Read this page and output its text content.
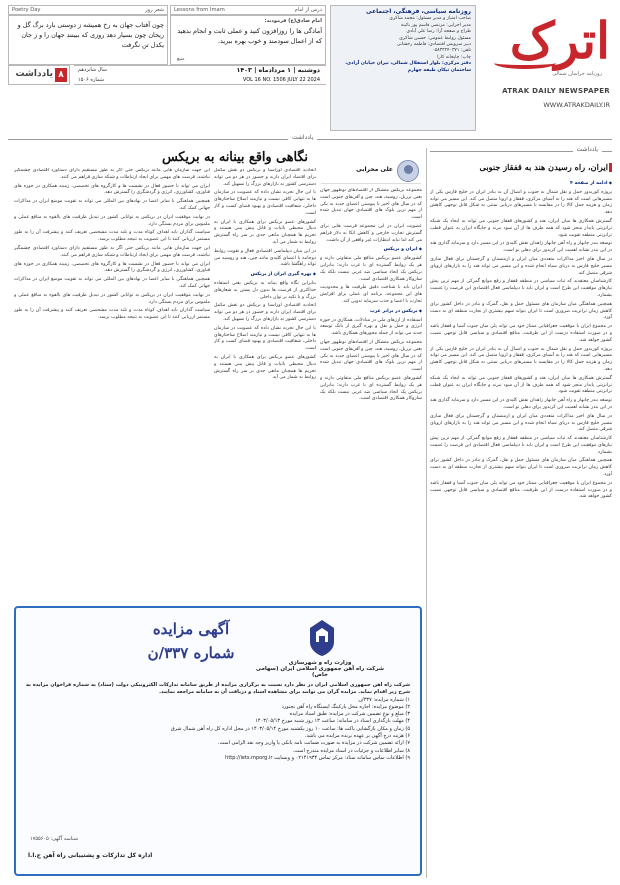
اترک
روزنامه خراسان شمالی
ATRAK DAILY NEWSPAPER
WWW.ATRAKDAILY.IR
روزنامه سیاسی، فرهنگی، اجتماعی
صاحب امتیاز و مدیر مسئول: محمد شاکری
مدیر اجرایی: مرتضی قاسم پور بائینه
طراح و صفحه آرا: رضا علی آبادی
مسئول روابط عمومی: حسین شاکری
دبیر سرویس اقتصادی: فاطمه رخشانی
تلفن: ۰۵۸۳۲۲۴۰۳۷۱
چاپ: چاپخانه کارا
دفتر مرکزی: بلوار استقلال شمالی، تیران خیابان آزادی، ساختمان تیکان طبقه چهارم
Lessons from Imam	درس از امام
امام صادق(ع) فرمودند:
آمادگی ها را روزافزون کنید و عملی ثابت و انجام بدهید که از اعمال سودمند و خوب بهره ببرید.
منبع
Poetry Day	شعر روز
چون آفتاب جهان به رخ همیشه ز دوستی بارد برگ گل و ریحان چون بسیار دهد روزی که ببینند جهان را و ز جان یکدل تن نگرفت
دوشنبه | ۱ مردادماه | ۱۴۰۳
VOL 16 NO. 1506 JULY 22 2024
سال شانزدهم
شماره ۱۵۰۶
یادداشت ۸
یادداشت
یادداشت
ایران، راه رسیدن هند به قفقاز جنوبی

◆ ادامه از صفحه ۴

پروژه کوریدور حمل و نقل شمال به جنوب و اتصال آن به بنادر ایران در خلیج فارس یکی از مسیرهایی است که هند را به آسیای مرکزی، قفقاز و اروپا متصل می کند. این مسیر می تواند زمان و هزینه حمل کالا را در مقایسه با مسیرهای دریایی سنتی به شکل قابل توجهی کاهش دهد.

گسترش همکاری ها میان ایران، هند و کشورهای قفقاز جنوبی می تواند به ایجاد یک شبکه ترانزیتی پایدار منجر شود که همه طرف ها از آن سود ببرند و جایگاه ایران به عنوان قطب ترانزیتی منطقه تقویت شود.

توسعه بندر چابهار و راه آهن چابهار زاهدان نقش کلیدی در این مسیر دارد و سرمایه گذاری هند در این بندر نشانه اهمیت این کریدور برای دهلی نو است.

در سال های اخیر مذاکرات متعددی میان ایران و ارمنستان و گرجستان برای فعال سازی مسیر خلیج فارس به دریای سیاه انجام شده و این مسیر می تواند هند را به بازارهای اروپای شرقی متصل کند.

کارشناسان معتقدند که ثبات سیاسی در منطقه قفقاز و رفع موانع گمرکی از مهم ترین پیش نیازهای موفقیت این طرح است و ایران باید با دیپلماسی فعال اقتصادی این فرصت را غنیمت بشمارد.

همچنین هماهنگی میان سازمان های مسئول حمل و نقل، گمرک و بنادر در داخل کشور برای کاهش زمان ترانزیت ضروری است تا ایران بتواند سهم بیشتری از تجارت منطقه ای به دست آورد.

در مجموع ایران با موقعیت جغرافیایی ممتاز خود می تواند پلی میان جنوب آسیا و قفقاز باشد و در صورت استفاده درست از این ظرفیت، منافع اقتصادی و سیاسی قابل توجهی نصیب کشور خواهد شد.

پروژه کوریدور حمل و نقل شمال به جنوب و اتصال آن به بنادر ایران در خلیج فارس یکی از مسیرهایی است که هند را به آسیای مرکزی، قفقاز و اروپا متصل می کند. این مسیر می تواند زمان و هزینه حمل کالا را در مقایسه با مسیرهای دریایی سنتی به شکل قابل توجهی کاهش دهد.

گسترش همکاری ها میان ایران، هند و کشورهای قفقاز جنوبی می تواند به ایجاد یک شبکه ترانزیتی پایدار منجر شود که همه طرف ها از آن سود ببرند و جایگاه ایران به عنوان قطب ترانزیتی منطقه تقویت شود.

توسعه بندر چابهار و راه آهن چابهار زاهدان نقش کلیدی در این مسیر دارد و سرمایه گذاری هند در این بندر نشانه اهمیت این کریدور برای دهلی نو است.

در سال های اخیر مذاکرات متعددی میان ایران و ارمنستان و گرجستان برای فعال سازی مسیر خلیج فارس به دریای سیاه انجام شده و این مسیر می تواند هند را به بازارهای اروپای شرقی متصل کند.

کارشناسان معتقدند که ثبات سیاسی در منطقه قفقاز و رفع موانع گمرکی از مهم ترین پیش نیازهای موفقیت این طرح است و ایران باید با دیپلماسی فعال اقتصادی این فرصت را غنیمت بشمارد.

همچنین هماهنگی میان سازمان های مسئول حمل و نقل، گمرک و بنادر در داخل کشور برای کاهش زمان ترانزیت ضروری است تا ایران بتواند سهم بیشتری از تجارت منطقه ای به دست آورد.

در مجموع ایران با موقعیت جغرافیایی ممتاز خود می تواند پلی میان جنوب آسیا و قفقاز باشد و در صورت استفاده درست از این ظرفیت، منافع اقتصادی و سیاسی قابل توجهی نصیب کشور خواهد شد.

علی محرابی
نگاهی واقع بینانه به بریکس

مجموعه بریکس متشکل از اقتصادهای نوظهور جهان یعنی برزیل، روسیه، هند، چین و آفریقای جنوبی است که در سال های اخیر با پیوستن اعضای جدید به یکی از مهم ترین بلوک های اقتصادی جهان تبدیل شده است.

عضویت ایران در این مجموعه فرصت هایی برای گسترش تجارت خارجی و کاهش اتکا به دلار فراهم می کند اما نباید انتظارات غیر واقعی از آن داشت.

◆ ایران و بریکس

کشورهای عضو بریکس منافع ملی متفاوتی دارند و هر یک روابط گسترده ای با غرب دارند؛ بنابراین بریکس یک اتحاد سیاسی ضد غربی نیست بلکه یک سازوکار همکاری اقتصادی است.

ایران باید با شناخت دقیق ظرفیت ها و محدودیت های این مجموعه، برنامه ای عملی برای افزایش تجارت با اعضا و جذب سرمایه تدوین کند.

◆ بریکس در برابر غرب

استفاده از ارزهای ملی در مبادلات، همکاری در حوزه انرژی و حمل و نقل و بهره گیری از بانک توسعه جدید می تواند از جمله محورهای همکاری باشد.

مجموعه بریکس متشکل از اقتصادهای نوظهور جهان یعنی برزیل، روسیه، هند، چین و آفریقای جنوبی است که در سال های اخیر با پیوستن اعضای جدید به یکی از مهم ترین بلوک های اقتصادی جهان تبدیل شده است.

کشورهای عضو بریکس منافع ملی متفاوتی دارند و هر یک روابط گسترده ای با غرب دارند؛ بنابراین بریکس یک اتحاد سیاسی ضد غربی نیست بلکه یک سازوکار همکاری اقتصادی است.

اتحادیه اقتصادی اوراسیا و بریکس دو نقش مکمل برای اقتصاد ایران دارند و حضور در هر دو می تواند دسترسی کشور به بازارهای بزرگ را تسهیل کند.

با این حال تجربه نشان داده که عضویت در سازمان ها به تنهایی کافی نیست و نیازمند اصلاح ساختارهای داخلی، شفافیت اقتصادی و بهبود فضای کسب و کار است.

کشورهای عضو بریکس برای همکاری با ایران به دنبال محیطی باثبات و قابل پیش بینی هستند و تحریم ها همچنان مانعی جدی بر سر راه گسترش روابط به شمار می آید.

در این میان دیپلماسی اقتصادی فعال و تقویت روابط دوجانبه با اعضای کلیدی مانند چین، هند و روسیه می تواند راهگشا باشد.

◆ بهره گیری ایران از بریکس

بنابراین نگاه واقع بینانه به بریکس یعنی استفاده حداکثری از فرصت ها بدون دل بستن به شعارهای بزرگ و با تکیه بر توان داخلی.

اتحادیه اقتصادی اوراسیا و بریکس دو نقش مکمل برای اقتصاد ایران دارند و حضور در هر دو می تواند دسترسی کشور به بازارهای بزرگ را تسهیل کند.

با این حال تجربه نشان داده که عضویت در سازمان ها به تنهایی کافی نیست و نیازمند اصلاح ساختارهای داخلی، شفافیت اقتصادی و بهبود فضای کسب و کار است.

کشورهای عضو بریکس برای همکاری با ایران به دنبال محیطی باثبات و قابل پیش بینی هستند و تحریم ها همچنان مانعی جدی بر سر راه گسترش روابط به شمار می آید.

این جهت سازمان هایی مانند بریکس حتی اگر به طور مستقیم دارای دستاورد اقتصادی چشمگیر نباشند، فرصت های مهمی برای ایجاد ارتباطات و شبکه سازی فراهم می کنند.

ایران می تواند با حضور فعال در نشست ها و کارگروه های تخصصی، زمینه همکاری در حوزه های فناوری، کشاورزی، انرژی و گردشگری را گسترش دهد.

همچنین هماهنگی با سایر اعضا در نهادهای بین المللی می تواند به تقویت موضع ایران در مذاکرات جهانی کمک کند.

در نهایت موفقیت ایران در بریکس به توانایی کشور در تبدیل ظرفیت های بالقوه به منافع عملی و ملموس برای مردم بستگی دارد.

سیاست گذاران باید اهداف کوتاه مدت و بلند مدت مشخصی تعریف کنند و پیشرفت آن را به طور مستمر ارزیابی کنند تا این عضویت به نتیجه مطلوب برسد.

این جهت سازمان هایی مانند بریکس حتی اگر به طور مستقیم دارای دستاورد اقتصادی چشمگیر نباشند، فرصت های مهمی برای ایجاد ارتباطات و شبکه سازی فراهم می کنند.

ایران می تواند با حضور فعال در نشست ها و کارگروه های تخصصی، زمینه همکاری در حوزه های فناوری، کشاورزی، انرژی و گردشگری را گسترش دهد.

همچنین هماهنگی با سایر اعضا در نهادهای بین المللی می تواند به تقویت موضع ایران در مذاکرات جهانی کمک کند.

در نهایت موفقیت ایران در بریکس به توانایی کشور در تبدیل ظرفیت های بالقوه به منافع عملی و ملموس برای مردم بستگی دارد.

سیاست گذاران باید اهداف کوتاه مدت و بلند مدت مشخصی تعریف کنند و پیشرفت آن را به طور مستمر ارزیابی کنند تا این عضویت به نتیجه مطلوب برسد.

وزارت راه و شهرسازی
شرکت راه آهن جمهوری اسلامی ایران (سهامی خاص)
آگهی مزایده
شماره ۳۳۷/ن

شرکت راه آهن جمهوری اسلامی ایران در نظر دارد نسبت به برگزاری مزایده از طریق سامانه تدارکات الکترونیکی دولت (ستاد) به شماره فراخوان مزایده به شرح زیر اقدام نماید. مزایده گران می توانند برای مشاهده اسناد و دریافت آن به سامانه مراجعه نمایند.

۱) شماره مزایده: ۳۳۷/ن

۲) موضوع مزایده: اجاره محل پارکینگ ایستگاه راه آهن بجنورد

۳) مبلغ و نوع تضمین شرکت در مزایده: طبق اسناد مزایده

۴) مهلت بارگذاری اسناد در سامانه: ساعت ۱۳ روز شنبه مورخ ۱۴۰۳/۰۵/۱۳

۵) زمان و مکان بازگشایی پاکت ها: ساعت ۱۰ روز یکشنبه مورخ ۱۴۰۳/۰۵/۱۴ در محل اداره کل راه آهن شمال شرق

۶) هزینه درج آگهی بر عهده برنده مزایده می باشد.

۷) ارائه تضمین شرکت در مزایده به صورت ضمانت نامه بانکی یا واریز وجه نقد الزامی است.

۸) سایر اطلاعات و جزئیات در اسناد مزایده مندرج است.

۹) اطلاعات تماس سامانه ستاد: مرکز تماس ۰۲۱۴۱۹۳۴ و وبسایت http://iets.mporg.ir

شناسه آگهی: ۱۷۵۵۶۰۵
اداره کل تدارکات و پشتیبانی راه آهن ج.ا.ا
